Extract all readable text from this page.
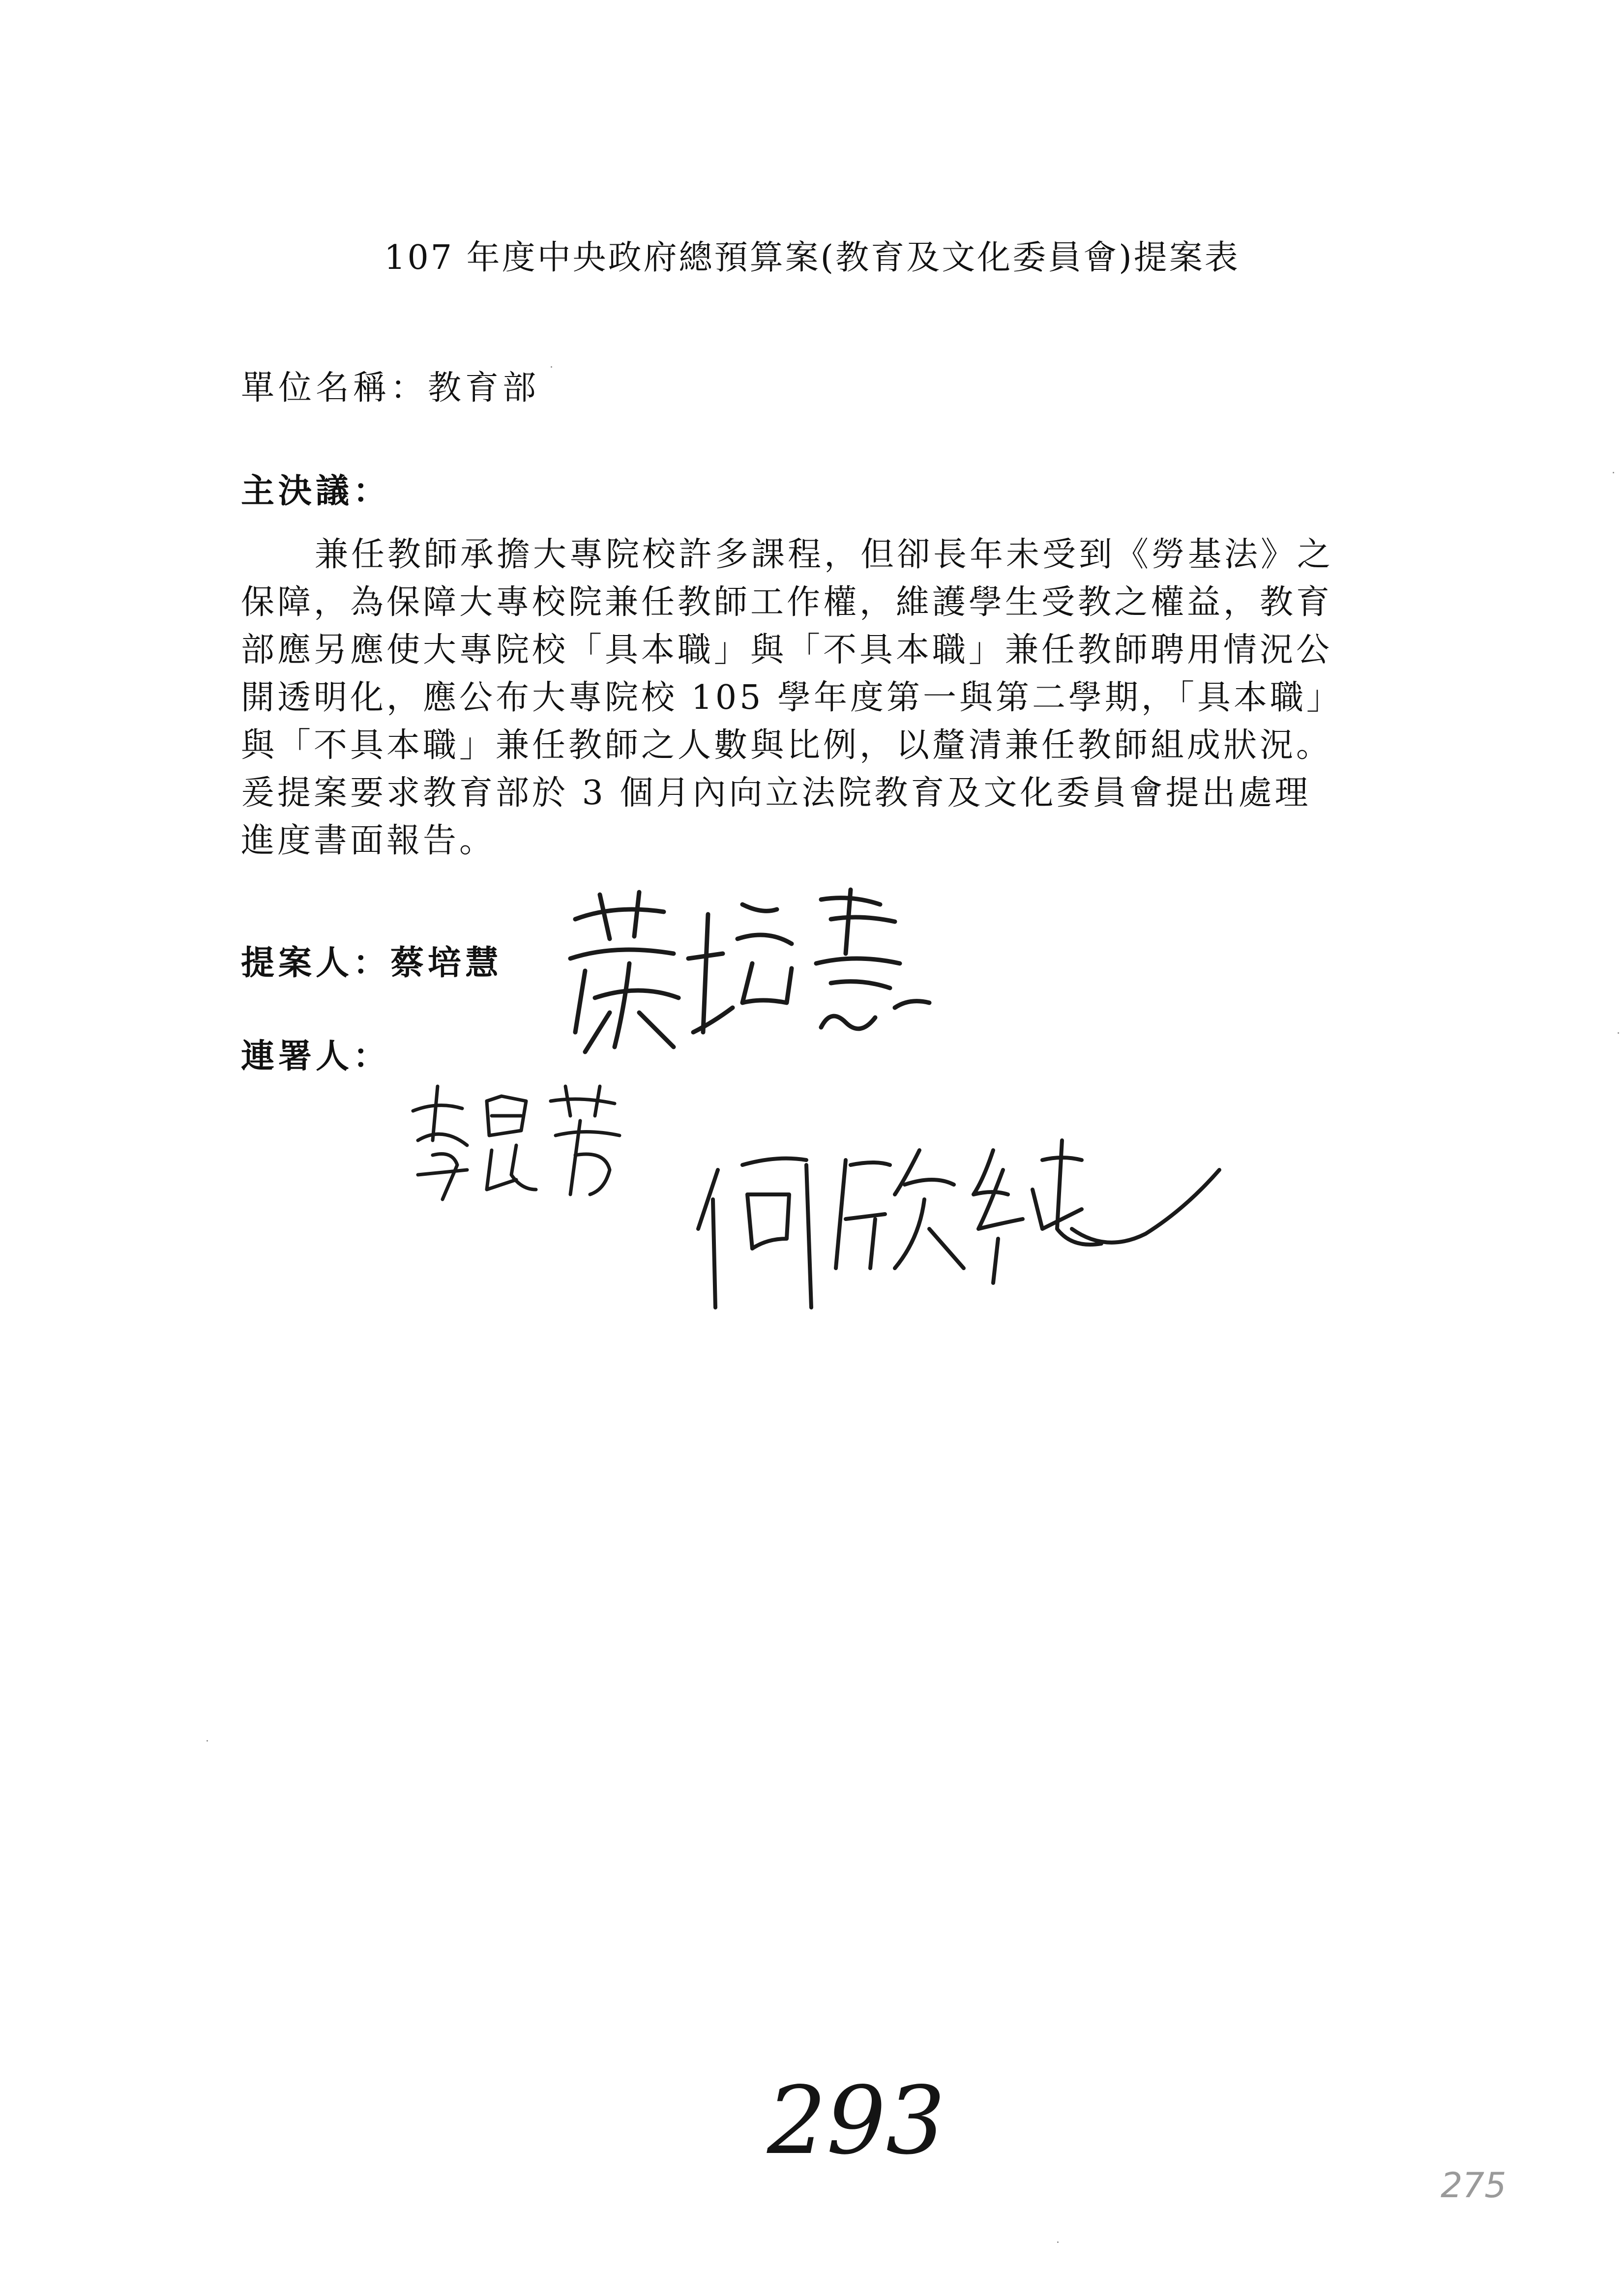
107 年度中央政府總預算案(教育及文化委員會)提案表
單位名稱：教育部
主決議：

兼任教師承擔大專院校許多課程，但卻長年未受到《勞基法》之

保障，為保障大專校院兼任教師工作權，維護學生受教之權益，教育

部應另應使大專院校「具本職」與「不具本職」兼任教師聘用情況公

開透明化，應公布大專院校 105 學年度第一與第二學期，「具本職」

與「不具本職」兼任教師之人數與比例，以釐清兼任教師組成狀況。

爰提案要求教育部於 3 個月內向立法院教育及文化委員會提出處理

進度書面報告。

提案人：蔡培慧
連署人：
293
275
